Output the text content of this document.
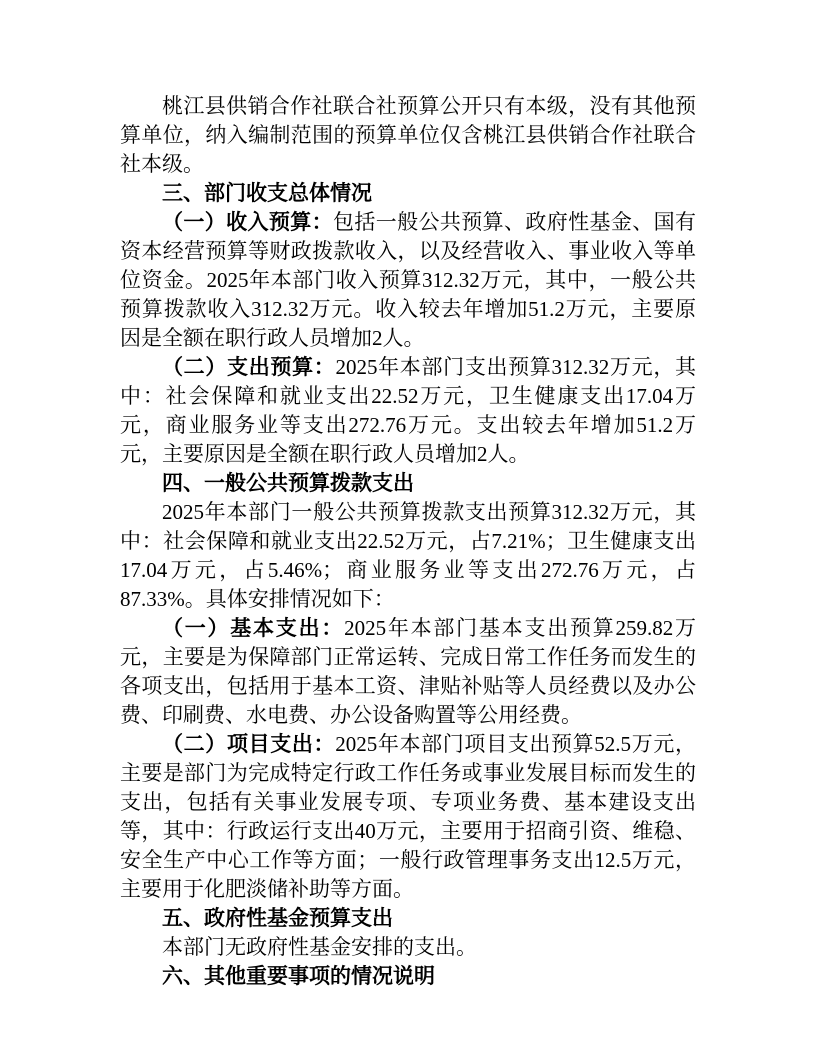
桃江县供销合作社联合社预算公开只有本级，没有其他预算单位，纳入编制范围的预算单位仅含桃江县供销合作社联合社本级。

三、部门收支总体情况

（一）收入预算：包括一般公共预算、政府性基金、国有资本经营预算等财政拨款收入，以及经营收入、事业收入等单位资金。2025年本部门收入预算312.32万元，其中，一般公共预算拨款收入312.32万元。收入较去年增加51.2万元，主要原因是全额在职行政人员增加2人。

（二）支出预算：2025年本部门支出预算312.32万元，其中：社会保障和就业支出22.52万元，卫生健康支出17.04万元，商业服务业等支出272.76万元。支出较去年增加51.2万元，主要原因是全额在职行政人员增加2人。

四、一般公共预算拨款支出

2025年本部门一般公共预算拨款支出预算312.32万元，其中：社会保障和就业支出22.52万元，占7.21%；卫生健康支出17.04万元，占5.46%；商业服务业等支出272.76万元，占87.33%。具体安排情况如下：

（一）基本支出：2025年本部门基本支出预算259.82万元，主要是为保障部门正常运转、完成日常工作任务而发生的各项支出，包括用于基本工资、津贴补贴等人员经费以及办公费、印刷费、水电费、办公设备购置等公用经费。

（二）项目支出：2025年本部门项目支出预算52.5万元，主要是部门为完成特定行政工作任务或事业发展目标而发生的支出，包括有关事业发展专项、专项业务费、基本建设支出等，其中：行政运行支出40万元，主要用于招商引资、维稳、安全生产中心工作等方面；一般行政管理事务支出12.5万元，主要用于化肥淡储补助等方面。

五、政府性基金预算支出

本部门无政府性基金安排的支出。

六、其他重要事项的情况说明
